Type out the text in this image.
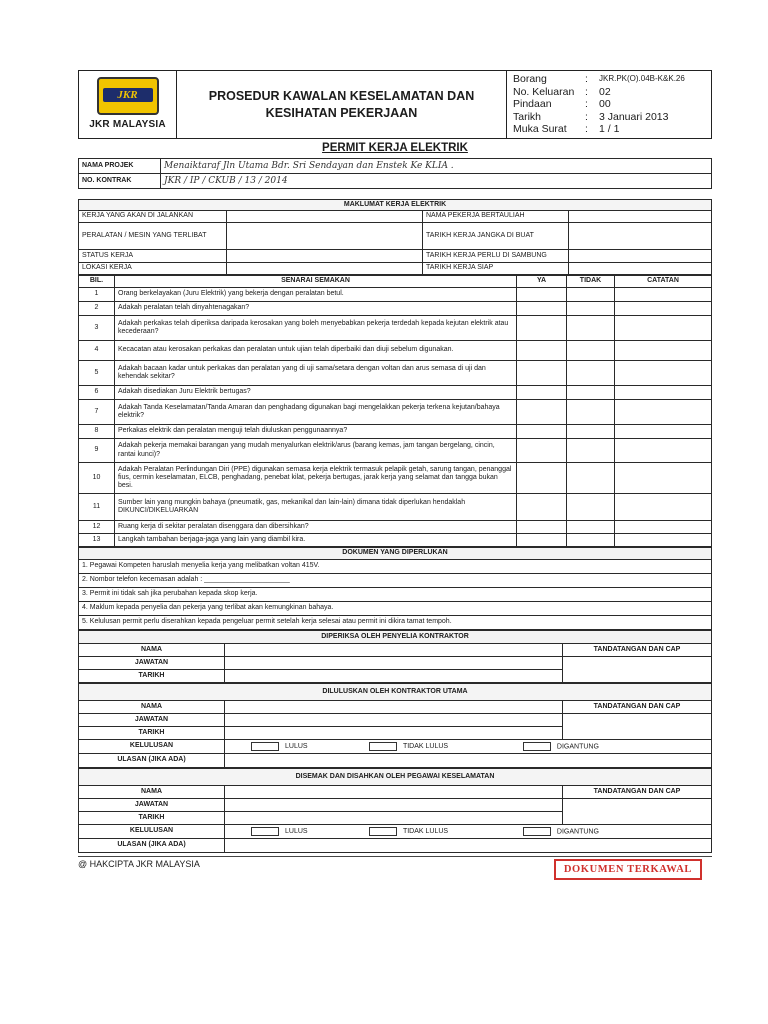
JKR
JKR MALAYSIA

PROSEDUR KAWALAN KESELAMATAN DAN
KESIHATAN PEKERJAAN

Borang	:	JKR.PK(O).04B-K&K.26
No. Keluaran	:	02
Pindaan	:	00
Tarikh	:	3 Januari 2013
Muka Surat	:	1 / 1
PERMIT KERJA ELEKTRIK
NAMA PROJEK	Menaiktaraf Jln Utama Bdr. Sri Sendayan dan Enstek Ke KLIA .
NO. KONTRAK	JKR / IP / CKUB / 13 / 2014
MAKLUMAT KERJA ELEKTRIK			
KERJA YANG AKAN DI JALANKAN		NAMA PEKERJA BERTAULIAH	
PERALATAN / MESIN YANG TERLIBAT		TARIKH KERJA JANGKA DI BUAT	
STATUS KERJA		TARIKH KERJA PERLU DI SAMBUNG	
LOKASI KERJA		TARIKH KERJA SIAP	
BIL.	SENARAI SEMAKAN	YA	TIDAK	CATATAN
1	Orang berkelayakan (Juru Elektrik) yang bekerja dengan peralatan betul.			
2	Adakah peralatan telah dinyahtenagakan?			
3	Adakah perkakas telah diperiksa daripada kerosakan yang boleh menyebabkan pekerja terdedah kepada kejutan elektrik atau kecederaan?			
4	Kecacatan atau kerosakan perkakas dan peralatan untuk ujian telah diperbaiki dan diuji sebelum digunakan.			
5	Adakah bacaan kadar untuk perkakas dan peralatan yang di uji sama/setara dengan voltan dan arus semasa di uji dan kehendak sekitar?			
6	Adakah disediakan Juru Elektrik bertugas?			
7	Adakah Tanda Keselamatan/Tanda Amaran dan penghadang digunakan bagi mengelakkan pekerja terkena kejutan/bahaya elektrik?			
8	Perkakas elektrik dan peralatan menguji telah diuluskan penggunaannya?			
9	Adakah pekerja memakai barangan yang mudah menyalurkan elektrik/arus (barang kemas, jam tangan bergelang, cincin, rantai kunci)?			
10	Adakah Peralatan Perlindungan Diri (PPE) digunakan semasa kerja elektrik termasuk pelapik getah, sarung tangan, penanggal fius, cermin keselamatan, ELCB, penghadang, penebat kilat, pekerja bertugas, jarak kerja yang selamat dan tangga bukan besi.			
11	Sumber lain yang mungkin bahaya (pneumatik, gas, mekanikal dan lain-lain) dimana tidak diperlukan hendaklah DIKUNCI/DIKELUARKAN			
12	Ruang kerja di sekitar peralatan disenggara dan dibersihkan?			
13	Langkah tambahan berjaga-jaga yang lain yang diambil kira.			
DOKUMEN YANG DIPERLUKAN
1. Pegawai Kompeten haruslah menyelia kerja yang melibatkan voltan 415V.
2. Nombor telefon kecemasan adalah : ______________________
3. Permit ini tidak sah jika perubahan kepada skop kerja.
4. Maklum kepada penyelia dan pekerja yang terlibat akan kemungkinan bahaya.
5. Kelulusan permit perlu diserahkan kepada pengeluar permit setelah kerja selesai atau permit ini dikira tamat tempoh.
DIPERIKSA OLEH PENYELIA KONTRAKTOR		
NAMA		TANDATANGAN DAN CAP
JAWATAN		
TARIKH		
DILULUSKAN OLEH KONTRAKTOR UTAMA		
NAMA		TANDATANGAN DAN CAP
JAWATAN		
TARIKH		
KELULUSAN	LULUS TIDAK LULUS DIGANTUNG	
ULASAN (JIKA ADA)		
DISEMAK DAN DISAHKAN OLEH PEGAWAI KESELAMATAN		
NAMA		TANDATANGAN DAN CAP
JAWATAN		
TARIKH		
KELULUSAN	LULUS TIDAK LULUS DIGANTUNG	
ULASAN (JIKA ADA)		
@ HAKCIPTA JKR MALAYSIA	DOKUMEN TERKAWAL
